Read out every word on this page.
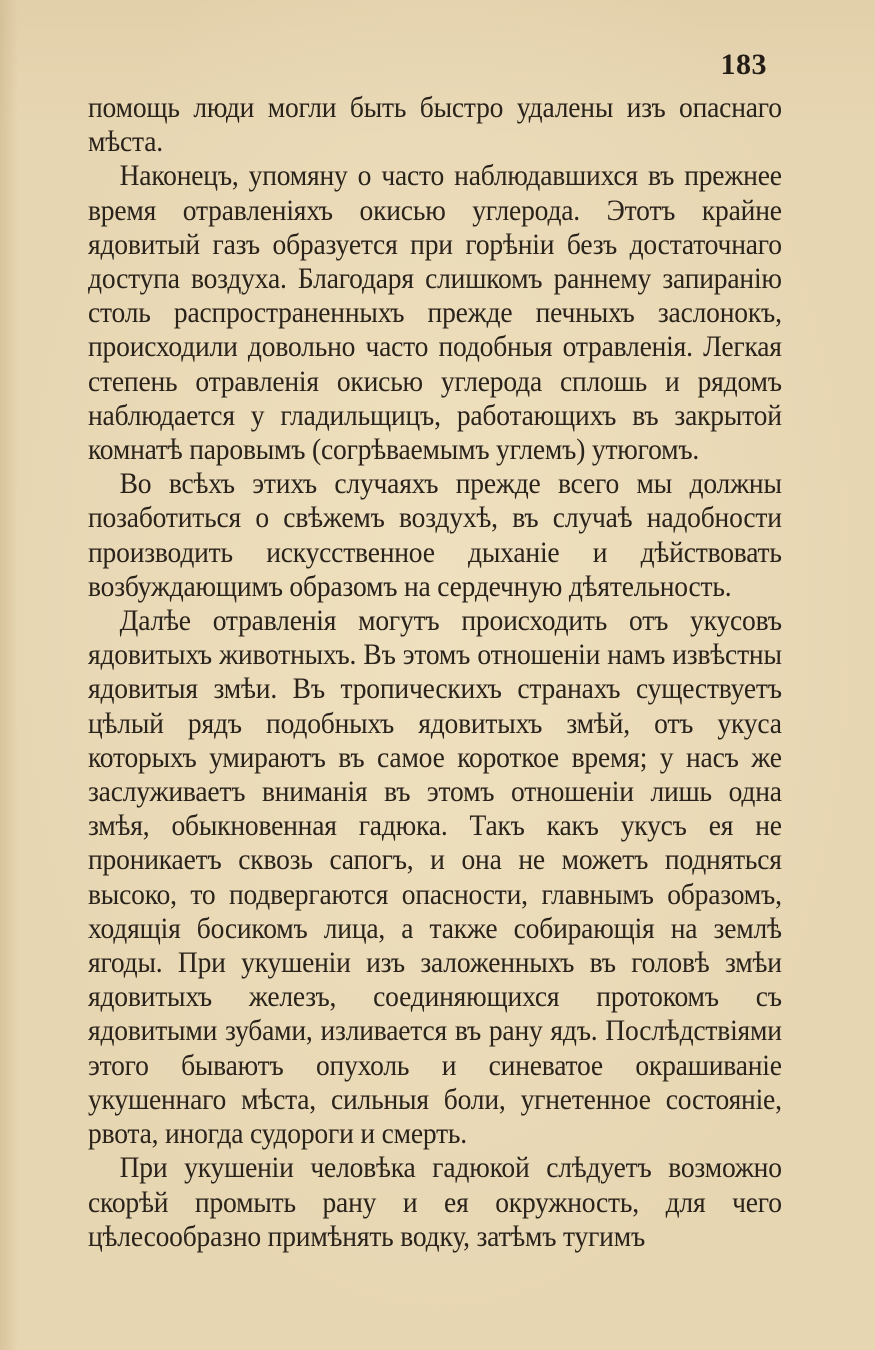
183

помощь люди могли быть быстро удалены изъ опаснаго мѣста.

Наконецъ, упомяну о часто наблюдавшихся въ прежнее время отравленіяхъ окисью углерода. Этотъ крайне ядовитый газъ образуется при горѣніи безъ достаточнаго доступа воздуха. Благодаря слишкомъ раннему запиранію столь распространенныхъ прежде печныхъ заслонокъ, происходили довольно часто подобныя отравленія. Легкая степень отравленія окисью углерода сплошь и рядомъ наблюдается у гладильщицъ, работающихъ въ закрытой комнатѣ паровымъ (согрѣваемымъ углемъ) утюгомъ.

Во всѣхъ этихъ случаяхъ прежде всего мы должны позаботиться о свѣжемъ воздухѣ, въ случаѣ надобности производить искусственное дыханіе и дѣйствовать возбуждающимъ образомъ на сердечную дѣятельность.

Далѣе отравленія могутъ происходить отъ укусовъ ядовитыхъ животныхъ. Въ этомъ отношеніи намъ извѣстны ядовитыя змѣи. Въ тропическихъ странахъ существуетъ цѣлый рядъ подобныхъ ядовитыхъ змѣй, отъ укуса которыхъ умираютъ въ самое короткое время; у насъ же заслуживаетъ вниманія въ этомъ отношеніи лишь одна змѣя, обыкновенная гадюка. Такъ какъ укусъ ея не проникаетъ сквозь сапогъ, и она не можетъ подняться высоко, то подвергаются опасности, главнымъ образомъ, ходящія босикомъ лица, а также собирающія на землѣ ягоды. При укушеніи изъ заложенныхъ въ головѣ змѣи ядовитыхъ железъ, соединяющихся протокомъ съ ядовитыми зубами, изливается въ рану ядъ. Послѣдствіями этого бываютъ опухоль и синеватое окрашиваніе укушеннаго мѣста, сильныя боли, угнетенное состояніе, рвота, иногда судороги и смерть.

При укушеніи человѣка гадюкой слѣдуетъ возможно скорѣй промыть рану и ея окружность, для чего цѣлесообразно примѣнять водку, затѣмъ тугимъ
